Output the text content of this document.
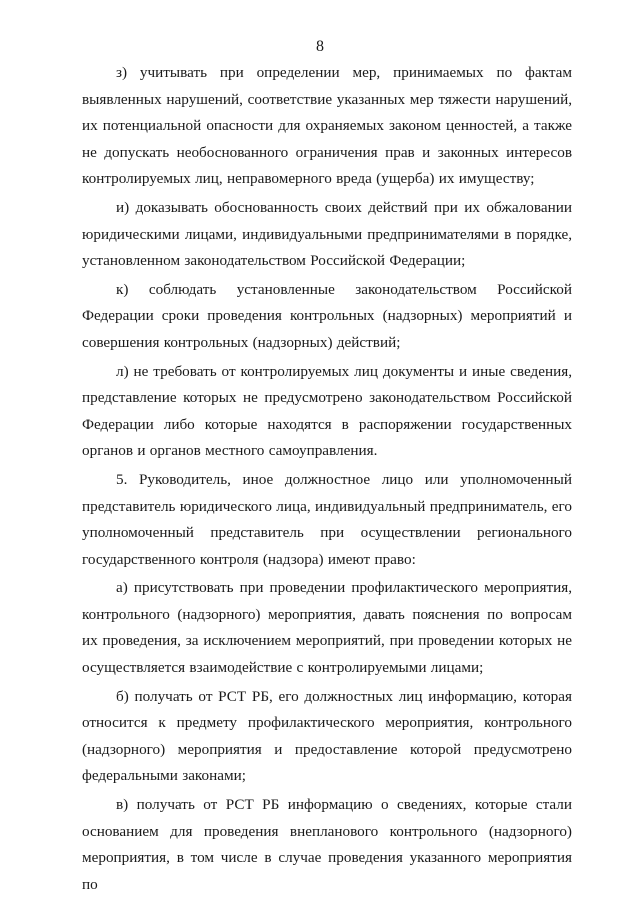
8

з) учитывать при определении мер, принимаемых по фактам выявленных нарушений, соответствие указанных мер тяжести нарушений, их потенциальной опасности для охраняемых законом ценностей, а также не допускать необоснованного ограничения прав и законных интересов контролируемых лиц, неправомерного вреда (ущерба) их имуществу;

и) доказывать обоснованность своих действий при их обжаловании юридическими лицами, индивидуальными предпринимателями в порядке, установленном законодательством Российской Федерации;

к) соблюдать установленные законодательством Российской Федерации сроки проведения контрольных (надзорных) мероприятий и совершения контрольных (надзорных) действий;

л) не требовать от контролируемых лиц документы и иные сведения, представление которых не предусмотрено законодательством Российской Федерации либо которые находятся в распоряжении государственных органов и органов местного самоуправления.

5. Руководитель, иное должностное лицо или уполномоченный представитель юридического лица, индивидуальный предприниматель, его уполномоченный представитель при осуществлении регионального государственного контроля (надзора) имеют право:

а) присутствовать при проведении профилактического мероприятия, контрольного (надзорного) мероприятия, давать пояснения по вопросам их проведения, за исключением мероприятий, при проведении которых не осуществляется взаимодействие с контролируемыми лицами;

б) получать от РСТ РБ, его должностных лиц информацию, которая относится к предмету профилактического мероприятия, контрольного (надзорного) мероприятия и предоставление которой предусмотрено федеральными законами;

в) получать от РСТ РБ информацию о сведениях, которые стали основанием для проведения внепланового контрольного (надзорного) мероприятия, в том числе в случае проведения указанного мероприятия по
